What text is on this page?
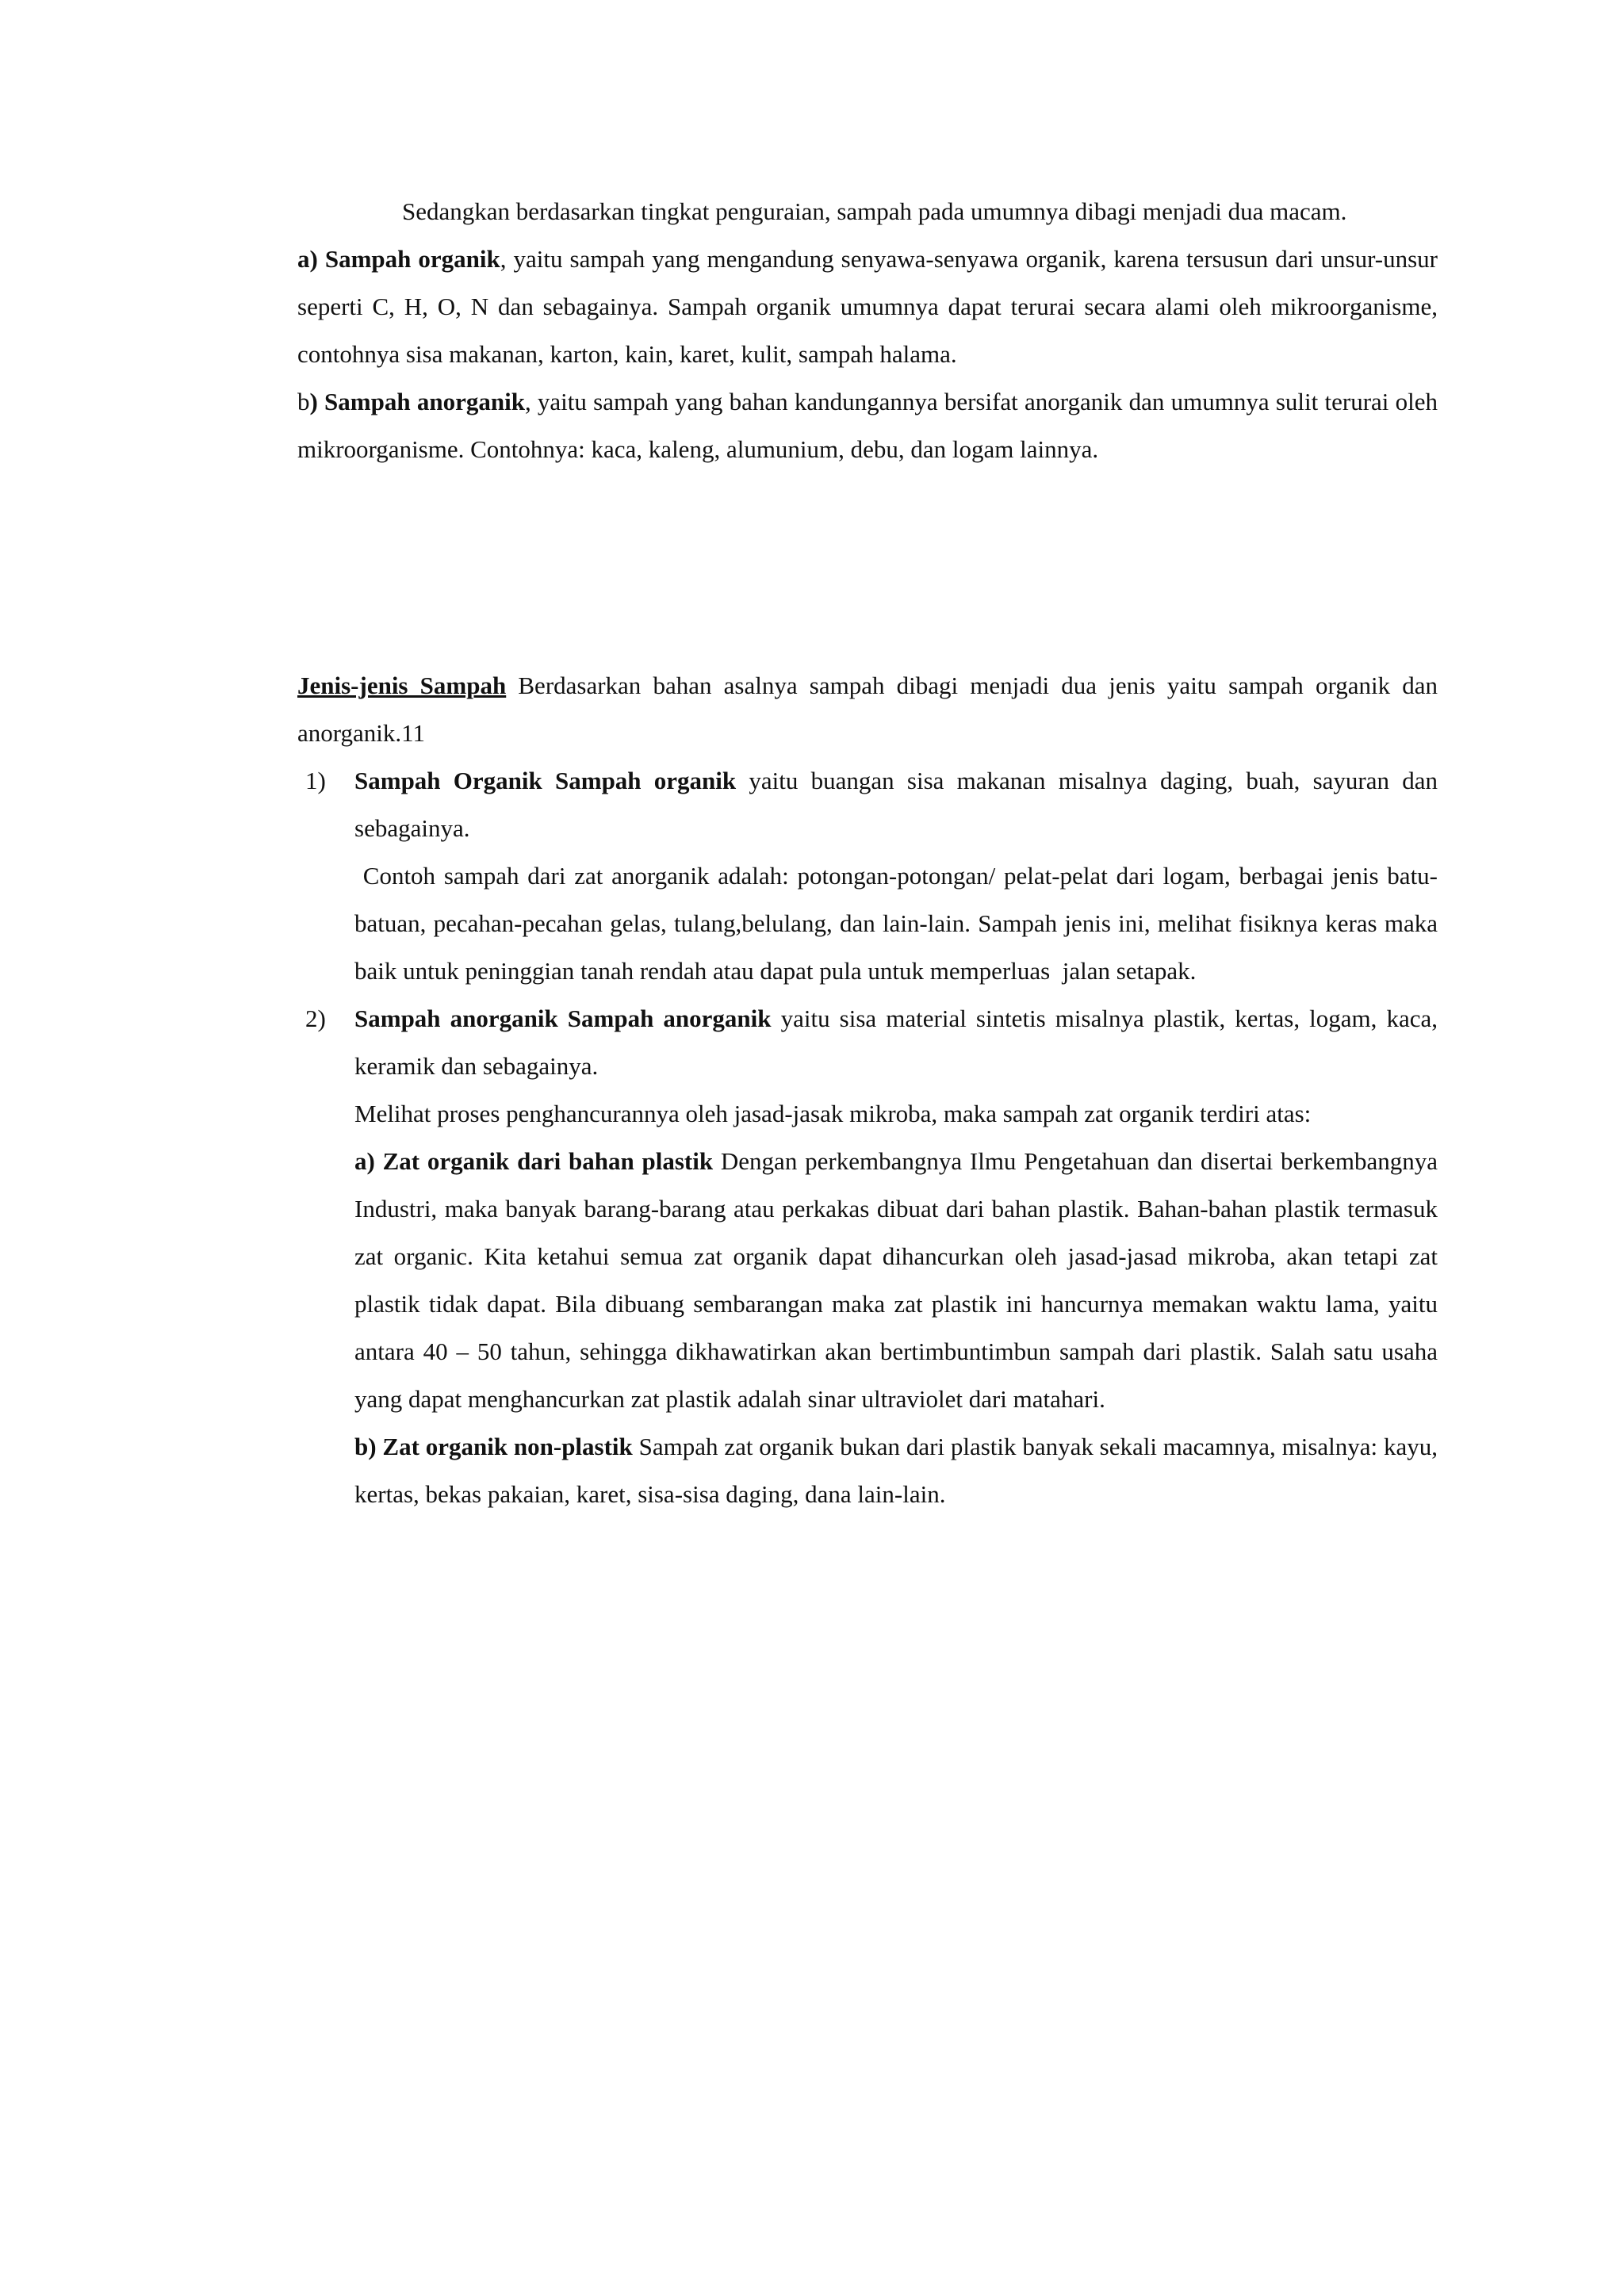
Sedangkan berdasarkan tingkat penguraian, sampah pada umumnya dibagi menjadi dua macam.

a) Sampah organik, yaitu sampah yang mengandung senyawa-senyawa organik, karena tersusun dari unsur-unsur seperti C, H, O, N dan sebagainya. Sampah organik umumnya dapat terurai secara alami oleh mikroorganisme, contohnya sisa makanan, karton, kain, karet, kulit, sampah halama.

b) Sampah anorganik, yaitu sampah yang bahan kandungannya bersifat anorganik dan umumnya sulit terurai oleh mikroorganisme. Contohnya: kaca, kaleng, alumunium, debu, dan logam lainnya.

Jenis-jenis Sampah Berdasarkan bahan asalnya sampah dibagi menjadi dua jenis yaitu sampah organik dan anorganik.11

1) Sampah Organik Sampah organik yaitu buangan sisa makanan misalnya daging, buah, sayuran dan sebagainya.

Contoh sampah dari zat anorganik adalah: potongan-potongan/ pelat-pelat dari logam, berbagai jenis batu-batuan, pecahan-pecahan gelas, tulang,belulang, dan lain-lain. Sampah jenis ini, melihat fisiknya keras maka baik untuk peninggian tanah rendah atau dapat pula untuk memperluas  jalan setapak.

2) Sampah anorganik Sampah anorganik yaitu sisa material sintetis misalnya plastik, kertas, logam, kaca, keramik dan sebagainya.

Melihat proses penghancurannya oleh jasad-jasak mikroba, maka sampah zat organik terdiri atas:

a) Zat organik dari bahan plastik Dengan perkembangnya Ilmu Pengetahuan dan disertai berkembangnya Industri, maka banyak barang-barang atau perkakas dibuat dari bahan plastik. Bahan-bahan plastik termasuk zat organic. Kita ketahui semua zat organik dapat dihancurkan oleh jasad-jasad mikroba, akan tetapi zat plastik tidak dapat. Bila dibuang sembarangan maka zat plastik ini hancurnya memakan waktu lama, yaitu antara 40 – 50 tahun, sehingga dikhawatirkan akan bertimbuntimbun sampah dari plastik. Salah satu usaha yang dapat menghancurkan zat plastik adalah sinar ultraviolet dari matahari.

b) Zat organik non-plastik Sampah zat organik bukan dari plastik banyak sekali macamnya, misalnya: kayu, kertas, bekas pakaian, karet, sisa-sisa daging, dana lain-lain.
